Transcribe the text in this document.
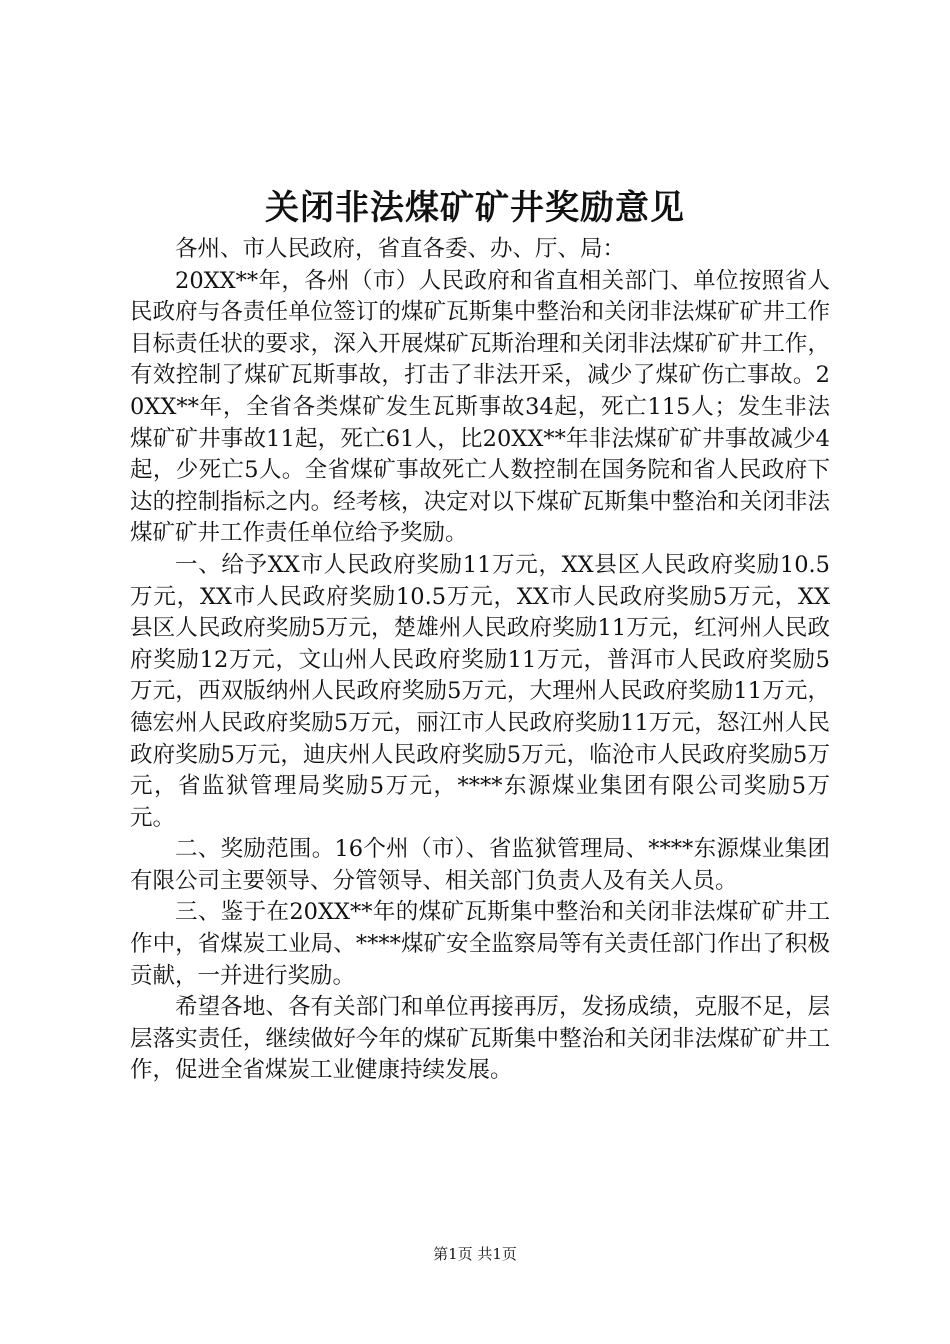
关闭非法煤矿矿井奖励意见

各州、市人民政府，省直各委、办、厅、局：

20XX**年，各州（市）人民政府和省直相关部门、单位按照省人民政府与各责任单位签订的煤矿瓦斯集中整治和关闭非法煤矿矿井工作目标责任状的要求，深入开展煤矿瓦斯治理和关闭非法煤矿矿井工作，有效控制了煤矿瓦斯事故，打击了非法开采，减少了煤矿伤亡事故。20XX**年，全省各类煤矿发生瓦斯事故34起，死亡115人；发生非法煤矿矿井事故11起，死亡61人，比20XX**年非法煤矿矿井事故减少4起，少死亡5人。全省煤矿事故死亡人数控制在国务院和省人民政府下达的控制指标之内。经考核，决定对以下煤矿瓦斯集中整治和关闭非法煤矿矿井工作责任单位给予奖励。

一、给予XX市人民政府奖励11万元，XX县区人民政府奖励10.5万元，XX市人民政府奖励10.5万元，XX市人民政府奖励5万元，XX县区人民政府奖励5万元，楚雄州人民政府奖励11万元，红河州人民政府奖励12万元，文山州人民政府奖励11万元，普洱市人民政府奖励5万元，西双版纳州人民政府奖励5万元，大理州人民政府奖励11万元，德宏州人民政府奖励5万元，丽江市人民政府奖励11万元，怒江州人民政府奖励5万元，迪庆州人民政府奖励5万元，临沧市人民政府奖励5万元，省监狱管理局奖励5万元，****东源煤业集团有限公司奖励5万元。

二、奖励范围。16个州（市）、省监狱管理局、****东源煤业集团有限公司主要领导、分管领导、相关部门负责人及有关人员。

三、鉴于在20XX**年的煤矿瓦斯集中整治和关闭非法煤矿矿井工作中，省煤炭工业局、****煤矿安全监察局等有关责任部门作出了积极贡献，一并进行奖励。

希望各地、各有关部门和单位再接再厉，发扬成绩，克服不足，层层落实责任，继续做好今年的煤矿瓦斯集中整治和关闭非法煤矿矿井工作，促进全省煤炭工业健康持续发展。

第1页 共1页
